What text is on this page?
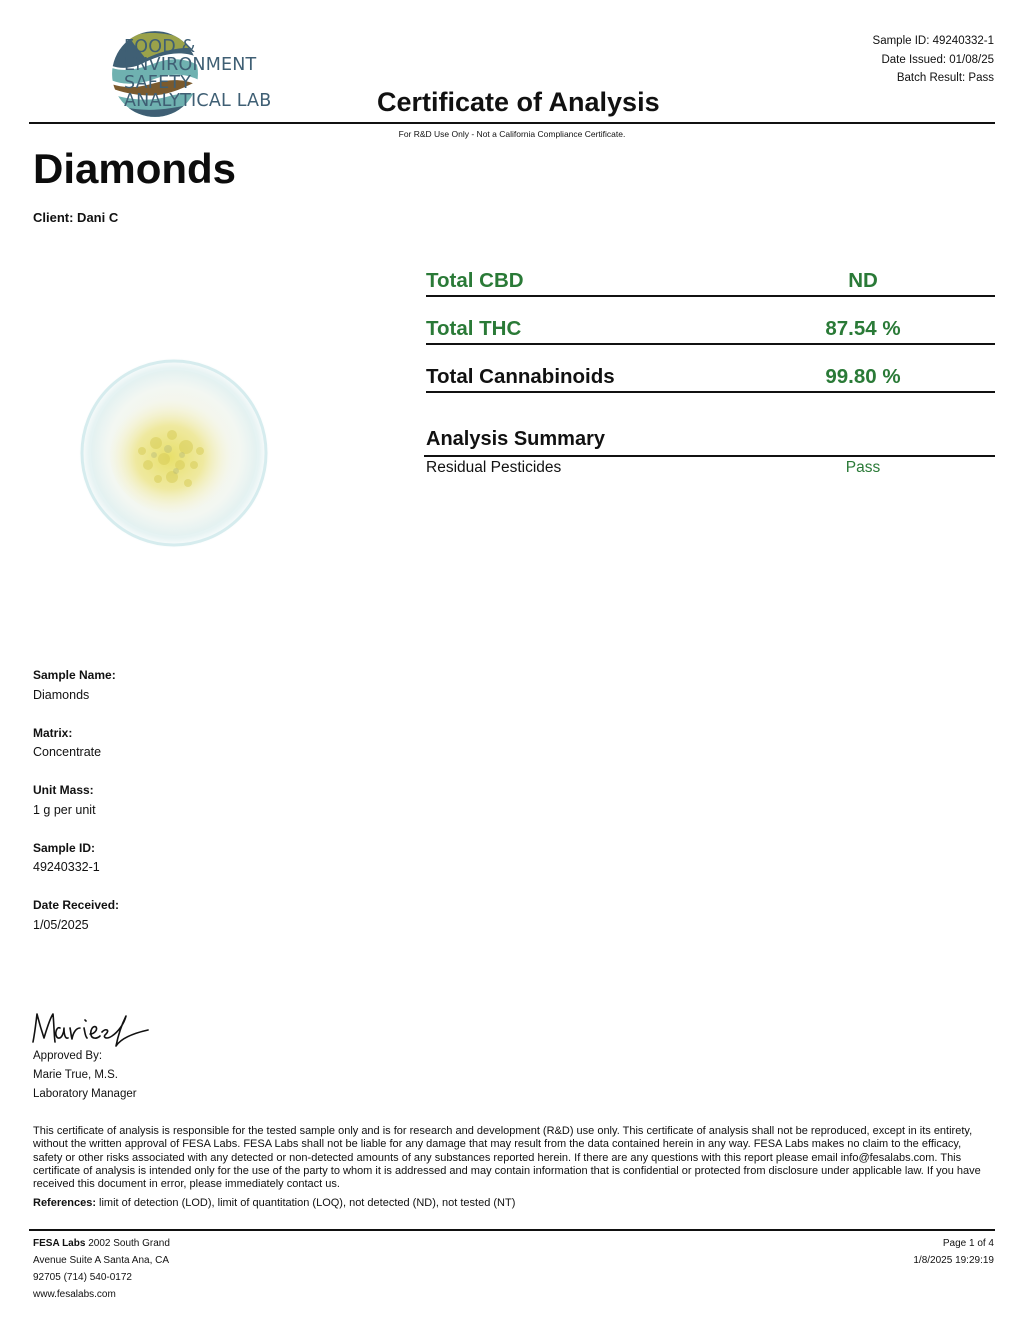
FOOD &
ENVIRONMENT
SAFETY
ANALYTICAL LAB
Sample ID: 49240332-1
Date Issued: 01/08/25
Batch Result: Pass
Certificate of Analysis
For R&D Use Only - Not a California Compliance Certificate.
Diamonds
Client: Dani C
Total CBD	ND
Total THC	87.54 %
Total Cannabinoids	99.80 %
Analysis Summary
Residual Pesticides	Pass
Sample Name:
Diamonds
Matrix:
Concentrate
Unit Mass:
1 g per unit
Sample ID:
49240332-1
Date Received:
1/05/2025
Approved By:
Marie True, M.S.
Laboratory Manager
This certificate of analysis is responsible for the tested sample only and is for research and development (R&D) use only. This certificate of analysis shall not be reproduced, except in its entirety, without the written approval of FESA Labs. FESA Labs shall not be liable for any damage that may result from the data contained herein in any way. FESA Labs makes no claim to the efficacy, safety or other risks associated with any detected or non-detected amounts of any substances reported herein. If there are any questions with this report please email info@fesalabs.com. This certificate of analysis is intended only for the use of the party to whom it is addressed and may contain information that is confidential or protected from disclosure under applicable law. If you have received this document in error, please immediately contact us.
References: limit of detection (LOD), limit of quantitation (LOQ), not detected (ND), not tested (NT)
FESA Labs 2002 South Grand
Avenue Suite A Santa Ana, CA
92705 (714) 540-0172
www.fesalabs.com
Page 1 of 4
1/8/2025 19:29:19
